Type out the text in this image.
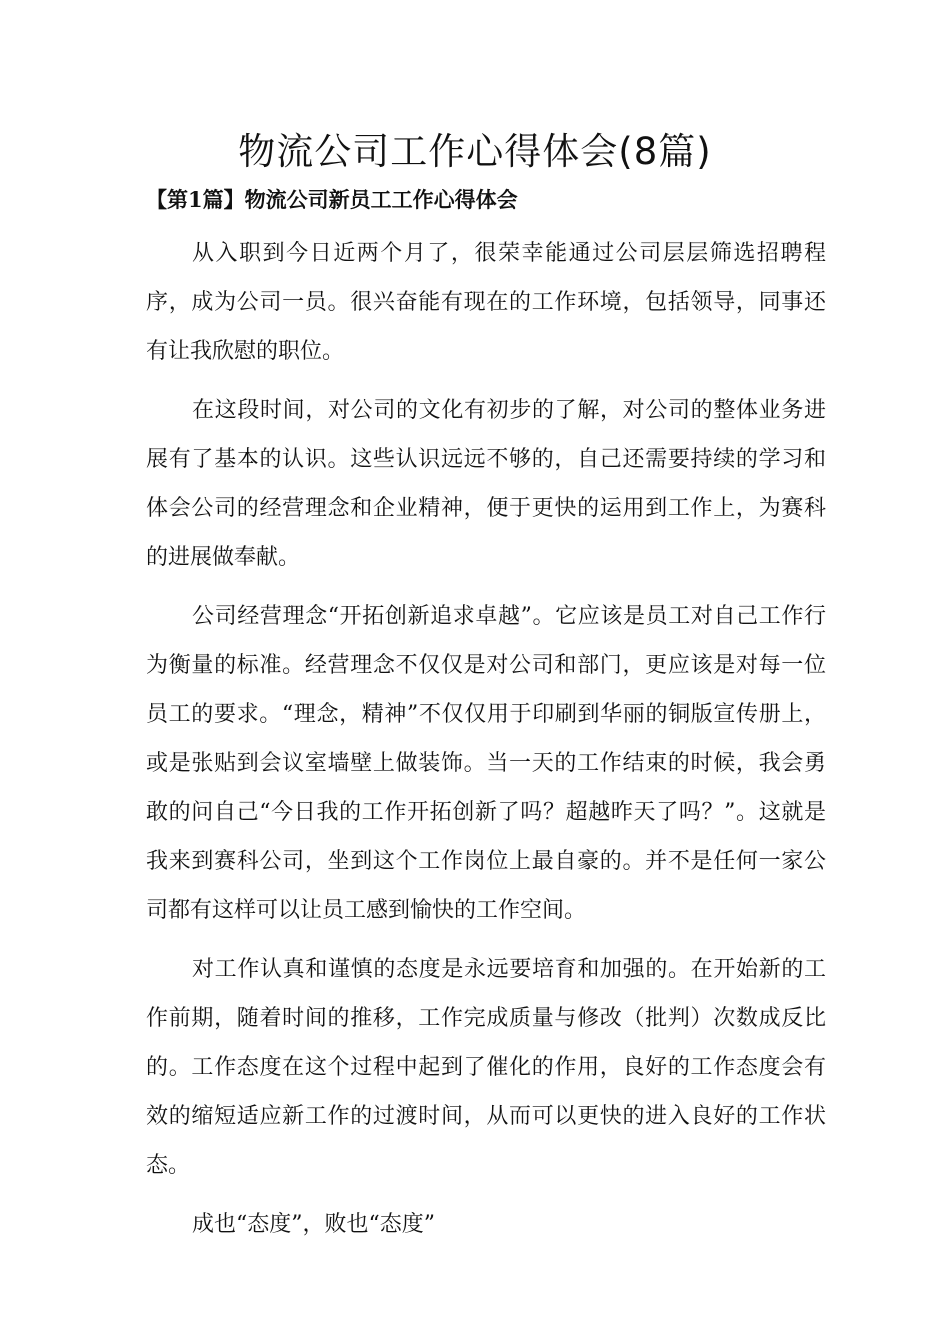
物流公司工作心得体会(8篇)
【第1篇】物流公司新员工工作心得体会

从入职到今日近两个月了，很荣幸能通过公司层层筛选招聘程序，成为公司一员。很兴奋能有现在的工作环境，包括领导，同事还有让我欣慰的职位。

在这段时间，对公司的文化有初步的了解，对公司的整体业务进展有了基本的认识。这些认识远远不够的，自己还需要持续的学习和体会公司的经营理念和企业精神，便于更快的运用到工作上，为赛科的进展做奉献。

公司经营理念“开拓创新追求卓越”。它应该是员工对自己工作行为衡量的标准。经营理念不仅仅是对公司和部门，更应该是对每一位员工的要求。“理念，精神”不仅仅用于印刷到华丽的铜版宣传册上，或是张贴到会议室墙壁上做装饰。当一天的工作结束的时候，我会勇敢的问自己“今日我的工作开拓创新了吗？超越昨天了吗？”。这就是我来到赛科公司，坐到这个工作岗位上最自豪的。并不是任何一家公司都有这样可以让员工感到愉快的工作空间。

对工作认真和谨慎的态度是永远要培育和加强的。在开始新的工作前期，随着时间的推移，工作完成质量与修改（批判）次数成反比的。工作态度在这个过程中起到了催化的作用，良好的工作态度会有效的缩短适应新工作的过渡时间，从而可以更快的进入良好的工作状态。

成也“态度”，败也“态度”
